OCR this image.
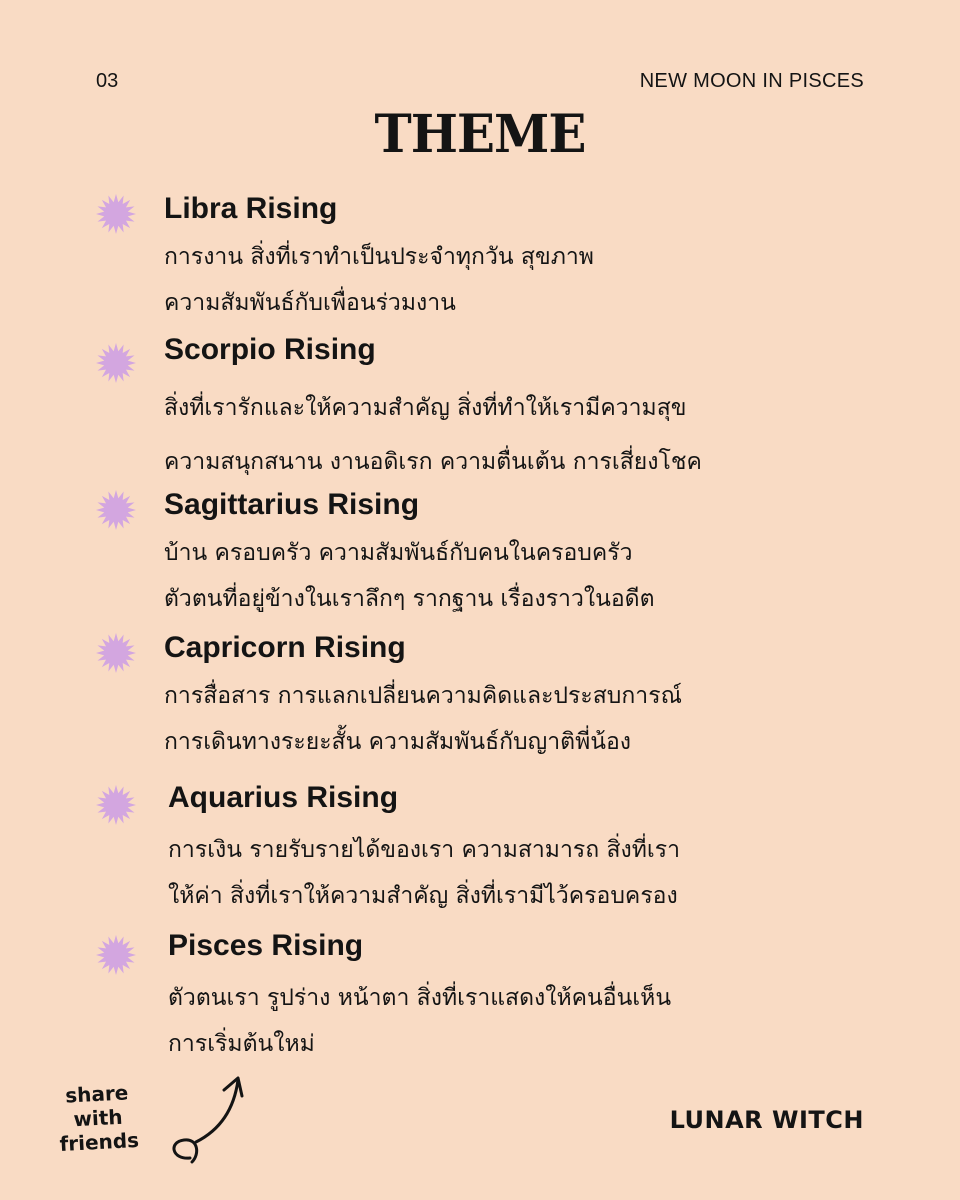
03	NEW MOON IN PISCES
THEME
Libra Rising
การงาน สิ่งที่เราทำเป็นประจำทุกวัน สุขภาพ
ความสัมพันธ์กับเพื่อนร่วมงาน
Scorpio Rising
สิ่งที่เรารักและให้ความสำคัญ สิ่งที่ทำให้เรามีความสุข
ความสนุกสนาน งานอดิเรก ความตื่นเต้น การเสี่ยงโชค
Sagittarius Rising
บ้าน ครอบครัว ความสัมพันธ์กับคนในครอบครัว
ตัวตนที่อยู่ข้างในเราลึกๆ รากฐาน เรื่องราวในอดีต
Capricorn Rising
การสื่อสาร การแลกเปลี่ยนความคิดและประสบการณ์
การเดินทางระยะสั้น ความสัมพันธ์กับญาติพี่น้อง
Aquarius Rising
การเงิน รายรับรายได้ของเรา ความสามารถ สิ่งที่เรา
ให้ค่า สิ่งที่เราให้ความสำคัญ สิ่งที่เรามีไว้ครอบครอง
Pisces Rising
ตัวตนเรา รูปร่าง หน้าตา สิ่งที่เราแสดงให้คนอื่นเห็น
การเริ่มต้นใหม่
share
with
friends
LUNAR WITCH
